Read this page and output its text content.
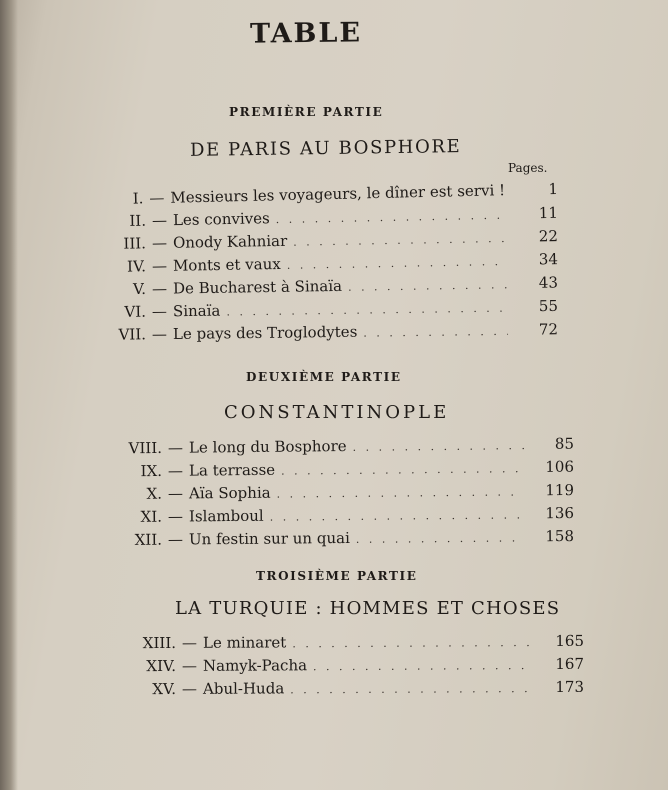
TABLE
PREMIÈRE PARTIE
DE PARIS AU BOSPHORE
Pages.
I. — Messieurs les voyageurs, le dîner est servi ! . . .	1
II. — Les convives . . .	11
III. — Onody Kahniar . . .	22
IV. — Monts et vaux . . .	34
V. — De Bucharest à Sinaïa . . .	43
VI. — Sinaïa . . .	55
VII. — Le pays des Troglodytes . . .	72
DEUXIÈME PARTIE
CONSTANTINOPLE
VIII. — Le long du Bosphore . . .	85
IX. — La terrasse . . .	106
X. — Aïa Sophia . . .	119
XI. — Islamboul . . .	136
XII. — Un festin sur un quai . . .	158
TROISIÈME PARTIE
LA TURQUIE : HOMMES ET CHOSES
XIII. — Le minaret . . .	165
XIV. — Namyk-Pacha . . .	167
XV. — Abul-Huda . . .	173
